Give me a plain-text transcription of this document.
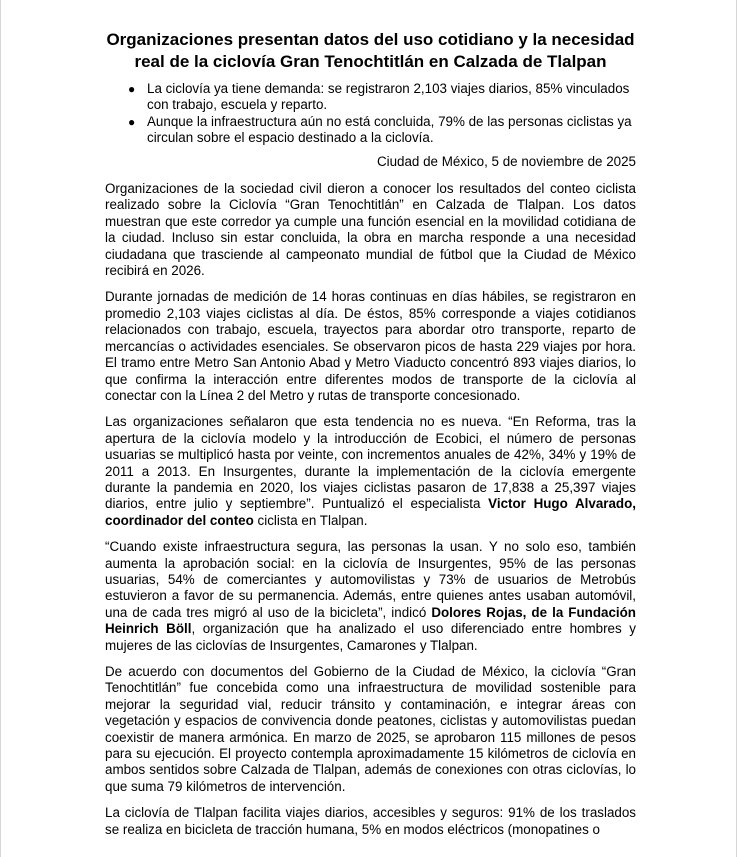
Organizaciones presentan datos del uso cotidiano y la necesidad real de la ciclovía Gran Tenochtitlán en Calzada de Tlalpan
● La ciclovía ya tiene demanda: se registraron 2,103 viajes diarios, 85% vinculados con trabajo, escuela y reparto.
● Aunque la infraestructura aún no está concluida, 79% de las personas ciclistas ya circulan sobre el espacio destinado a la ciclovía.
Ciudad de México, 5 de noviembre de 2025

Organizaciones de la sociedad civil dieron a conocer los resultados del conteo ciclista realizado sobre la Ciclovía “Gran Tenochtitlán” en Calzada de Tlalpan. Los datos muestran que este corredor ya cumple una función esencial en la movilidad cotidiana de la ciudad. Incluso sin estar concluida, la obra en marcha responde a una necesidad ciudadana que trasciende al campeonato mundial de fútbol que la Ciudad de México recibirá en 2026.

Durante jornadas de medición de 14 horas continuas en días hábiles, se registraron en promedio 2,103 viajes ciclistas al día. De éstos, 85% corresponde a viajes cotidianos relacionados con trabajo, escuela, trayectos para abordar otro transporte, reparto de mercancías o actividades esenciales. Se observaron picos de hasta 229 viajes por hora. El tramo entre Metro San Antonio Abad y Metro Viaducto concentró 893 viajes diarios, lo que confirma la interacción entre diferentes modos de transporte de la ciclovía al conectar con la Línea 2 del Metro y rutas de transporte concesionado.

Las organizaciones señalaron que esta tendencia no es nueva. “En Reforma, tras la apertura de la ciclovía modelo y la introducción de Ecobici, el número de personas usuarias se multiplicó hasta por veinte, con incrementos anuales de 42%, 34% y 19% de 2011 a 2013. En Insurgentes, durante la implementación de la ciclovía emergente durante la pandemia en 2020, los viajes ciclistas pasaron de 17,838 a 25,397 viajes diarios, entre julio y septiembre”. Puntualizó el especialista Victor Hugo Alvarado, coordinador del conteo ciclista en Tlalpan.

“Cuando existe infraestructura segura, las personas la usan. Y no solo eso, también aumenta la aprobación social: en la ciclovía de Insurgentes, 95% de las personas usuarias, 54% de comerciantes y automovilistas y 73% de usuarios de Metrobús estuvieron a favor de su permanencia. Además, entre quienes antes usaban automóvil, una de cada tres migró al uso de la bicicleta”, indicó Dolores Rojas, de la Fundación Heinrich Böll, organización que ha analizado el uso diferenciado entre hombres y mujeres de las ciclovías de Insurgentes, Camarones y Tlalpan.

De acuerdo con documentos del Gobierno de la Ciudad de México, la ciclovía “Gran Tenochtitlán” fue concebida como una infraestructura de movilidad sostenible para mejorar la seguridad vial, reducir tránsito y contaminación, e integrar áreas con vegetación y espacios de convivencia donde peatones, ciclistas y automovilistas puedan coexistir de manera armónica. En marzo de 2025, se aprobaron 115 millones de pesos para su ejecución. El proyecto contempla aproximadamente 15 kilómetros de ciclovía en ambos sentidos sobre Calzada de Tlalpan, además de conexiones con otras ciclovías, lo que suma 79 kilómetros de intervención.

La ciclovía de Tlalpan facilita viajes diarios, accesibles y seguros: 91% de los traslados se realiza en bicicleta de tracción humana, 5% en modos eléctricos (monopatines o
